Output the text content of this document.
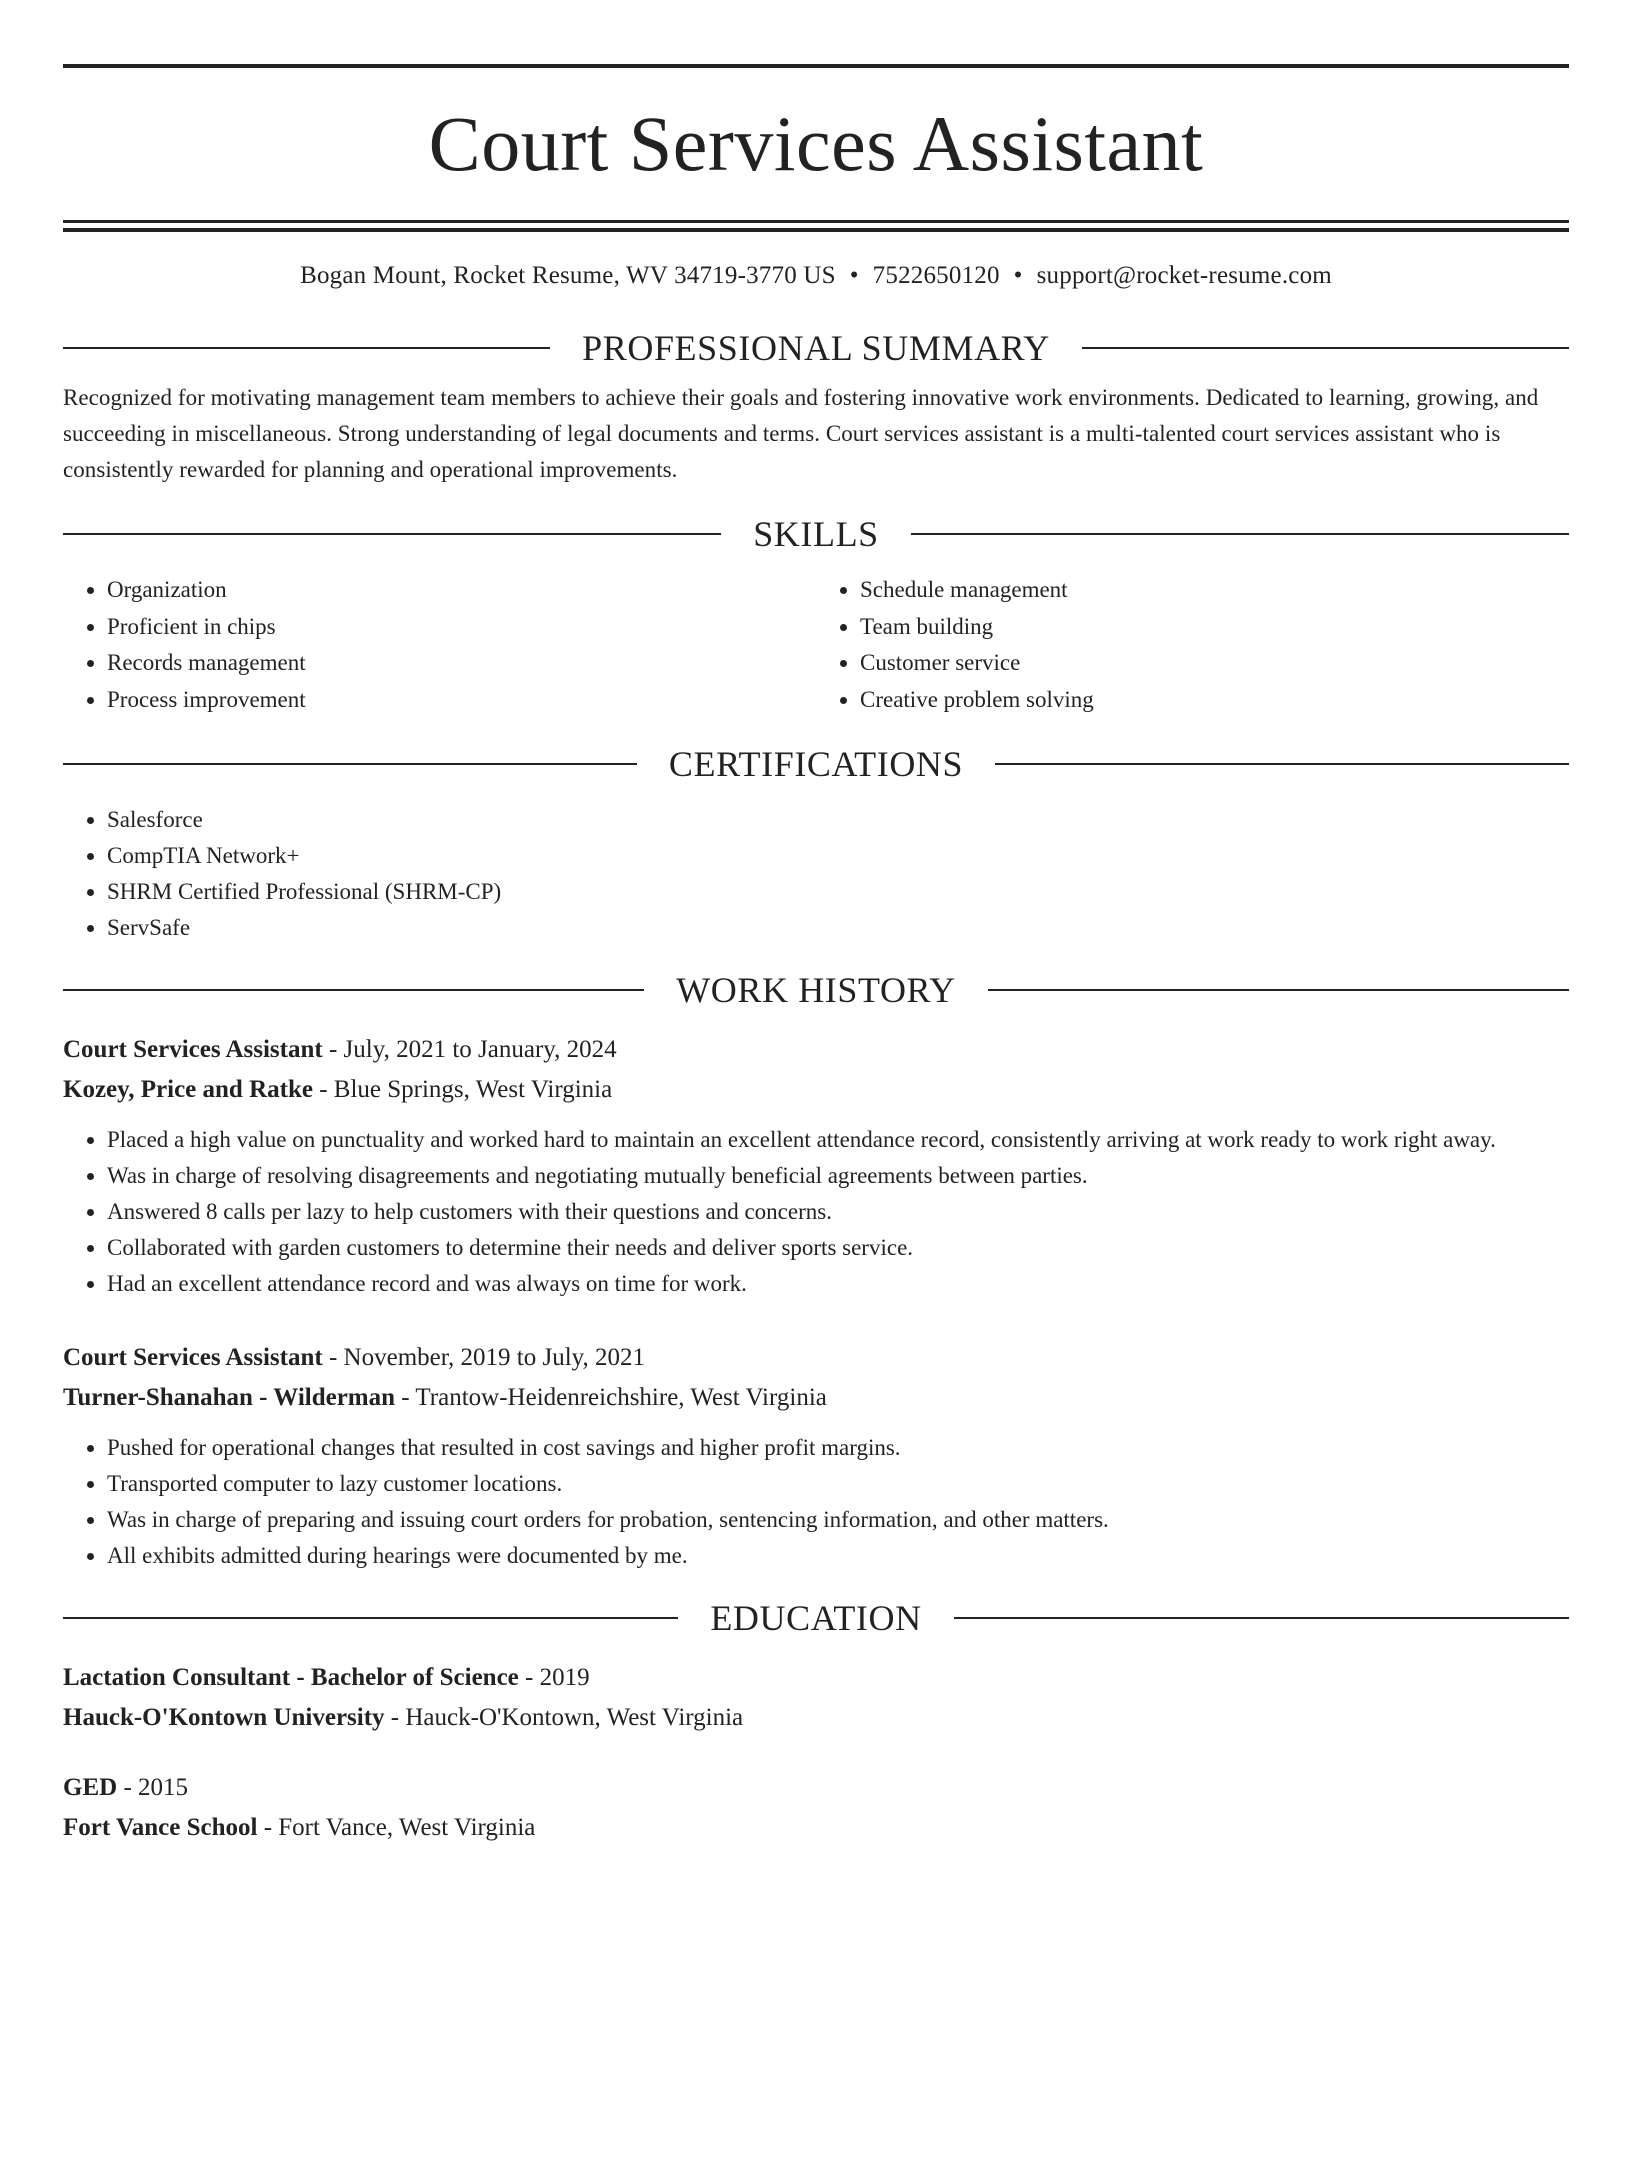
Court Services Assistant
Bogan Mount, Rocket Resume, WV 34719-3770 US • 7522650120 • support@rocket-resume.com
PROFESSIONAL SUMMARY

Recognized for motivating management team members to achieve their goals and fostering innovative work environments. Dedicated to learning, growing, and succeeding in miscellaneous. Strong understanding of legal documents and terms. Court services assistant is a multi-talented court services assistant who is consistently rewarded for planning and operational improvements.

SKILLS
• Organization
• Proficient in chips
• Records management
• Process improvement
• Schedule management
• Team building
• Customer service
• Creative problem solving
CERTIFICATIONS
• Salesforce
• CompTIA Network+
• SHRM Certified Professional (SHRM-CP)
• ServSafe
WORK HISTORY
Court Services Assistant - July, 2021 to January, 2024
Kozey, Price and Ratke - Blue Springs, West Virginia
• Placed a high value on punctuality and worked hard to maintain an excellent attendance record, consistently arriving at work ready to work right away.
• Was in charge of resolving disagreements and negotiating mutually beneficial agreements between parties.
• Answered 8 calls per lazy to help customers with their questions and concerns.
• Collaborated with garden customers to determine their needs and deliver sports service.
• Had an excellent attendance record and was always on time for work.
Court Services Assistant - November, 2019 to July, 2021
Turner-Shanahan - Wilderman - Trantow-Heidenreichshire, West Virginia
• Pushed for operational changes that resulted in cost savings and higher profit margins.
• Transported computer to lazy customer locations.
• Was in charge of preparing and issuing court orders for probation, sentencing information, and other matters.
• All exhibits admitted during hearings were documented by me.
EDUCATION
Lactation Consultant - Bachelor of Science - 2019
Hauck-O'Kontown University - Hauck-O'Kontown, West Virginia
GED - 2015
Fort Vance School - Fort Vance, West Virginia
